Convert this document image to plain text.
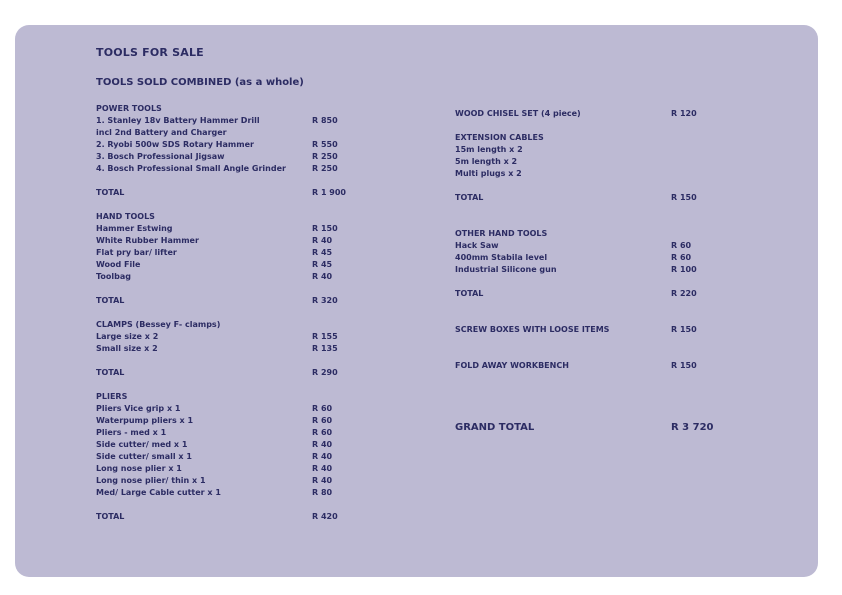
TOOLS FOR SALE
TOOLS SOLD COMBINED (as a whole)
POWER TOOLS
1. Stanley 18v Battery Hammer Drill	R 850
incl 2nd Battery and Charger
2. Ryobi 500w SDS Rotary Hammer	R 550
3. Bosch Professional Jigsaw	R 250
4. Bosch Professional Small Angle Grinder	R 250
TOTAL	R 1 900
HAND TOOLS
Hammer Estwing	R 150
White Rubber Hammer	R 40
Flat pry bar/ lifter	R 45
Wood File	R 45
Toolbag	R 40
TOTAL	R 320
CLAMPS (Bessey F- clamps)
Large size x 2	R 155
Small size x 2	R 135
TOTAL	R 290
PLIERS
Pliers Vice grip x 1	R 60
Waterpump pliers x 1	R 60
Pliers - med x 1	R 60
Side cutter/ med x 1	R 40
Side cutter/ small x 1	R 40
Long nose plier x 1	R 40
Long nose plier/ thin x 1	R 40
Med/ Large Cable cutter x 1	R 80
TOTAL	R 420
WOOD CHISEL SET (4 piece)	R 120
EXTENSION CABLES
15m length x 2
5m length x 2
Multi plugs x 2
TOTAL	R 150
OTHER HAND TOOLS
Hack Saw	R 60
400mm Stabila level	R 60
Industrial Silicone gun	R 100
TOTAL	R 220
SCREW BOXES WITH LOOSE ITEMS	R 150
FOLD AWAY WORKBENCH	R 150
GRAND TOTAL	R 3 720
